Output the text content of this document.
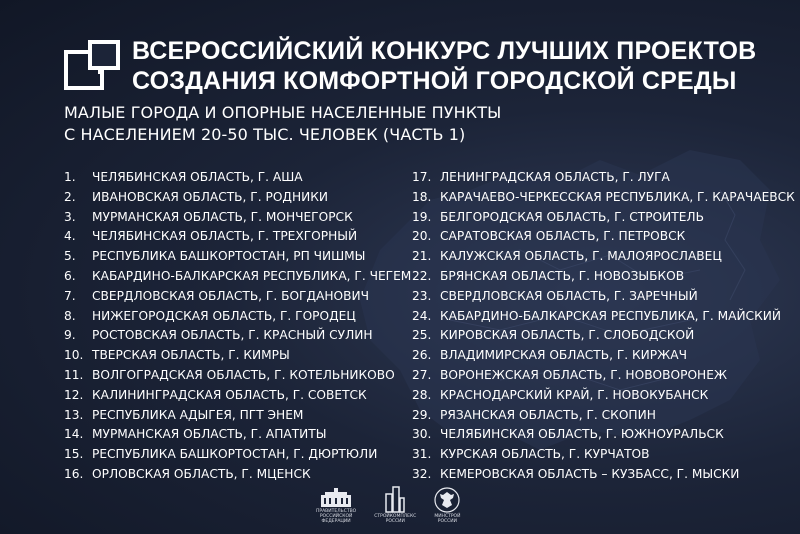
ВСЕРОССИЙСКИЙ КОНКУРС ЛУЧШИХ ПРОЕКТОВ
СОЗДАНИЯ КОМФОРТНОЙ ГОРОДСКОЙ СРЕДЫ
МАЛЫЕ ГОРОДА И ОПОРНЫЕ НАСЕЛЕННЫЕ ПУНКТЫ
С НАСЕЛЕНИЕМ 20-50 ТЫС. ЧЕЛОВЕК (ЧАСТЬ 1)
1.	ЧЕЛЯБИНСКАЯ ОБЛАСТЬ, Г. АША
2.	ИВАНОВСКАЯ ОБЛАСТЬ, Г. РОДНИКИ
3.	МУРМАНСКАЯ ОБЛАСТЬ, Г. МОНЧЕГОРСК
4.	ЧЕЛЯБИНСКАЯ ОБЛАСТЬ, Г. ТРЕХГОРНЫЙ
5.	РЕСПУБЛИКА БАШКОРТОСТАН, РП ЧИШМЫ
6.	КАБАРДИНО-БАЛКАРСКАЯ РЕСПУБЛИКА, Г. ЧЕГЕМ
7.	СВЕРДЛОВСКАЯ ОБЛАСТЬ, Г. БОГДАНОВИЧ
8.	НИЖЕГОРОДСКАЯ ОБЛАСТЬ, Г. ГОРОДЕЦ
9.	РОСТОВСКАЯ ОБЛАСТЬ, Г. КРАСНЫЙ СУЛИН
10. ТВЕРСКАЯ ОБЛАСТЬ, Г. КИМРЫ
11. ВОЛГОГРАДСКАЯ ОБЛАСТЬ, Г. КОТЕЛЬНИКОВО
12. КАЛИНИНГРАДСКАЯ ОБЛАСТЬ, Г. СОВЕТСК
13. РЕСПУБЛИКА АДЫГЕЯ, ПГТ ЭНЕМ
14. МУРМАНСКАЯ ОБЛАСТЬ, Г. АПАТИТЫ
15. РЕСПУБЛИКА БАШКОРТОСТАН, Г. ДЮРТЮЛИ
16. ОРЛОВСКАЯ ОБЛАСТЬ, Г. МЦЕНСК
17. ЛЕНИНГРАДСКАЯ ОБЛАСТЬ, Г. ЛУГА
18. КАРАЧАЕВО-ЧЕРКЕССКАЯ РЕСПУБЛИКА, Г. КАРАЧАЕВСК
19. БЕЛГОРОДСКАЯ ОБЛАСТЬ, Г. СТРОИТЕЛЬ
20. САРАТОВСКАЯ ОБЛАСТЬ, Г. ПЕТРОВСК
21. КАЛУЖСКАЯ ОБЛАСТЬ, Г. МАЛОЯРОСЛАВЕЦ
22. БРЯНСКАЯ ОБЛАСТЬ, Г. НОВОЗЫБКОВ
23. СВЕРДЛОВСКАЯ ОБЛАСТЬ, Г. ЗАРЕЧНЫЙ
24. КАБАРДИНО-БАЛКАРСКАЯ РЕСПУБЛИКА, Г. МАЙСКИЙ
25. КИРОВСКАЯ ОБЛАСТЬ, Г. СЛОБОДСКОЙ
26. ВЛАДИМИРСКАЯ ОБЛАСТЬ, Г. КИРЖАЧ
27. ВОРОНЕЖСКАЯ ОБЛАСТЬ, Г. НОВОВОРОНЕЖ
28. КРАСНОДАРСКИЙ КРАЙ, Г. НОВОКУБАНСК
29. РЯЗАНСКАЯ ОБЛАСТЬ, Г. СКОПИН
30. ЧЕЛЯБИНСКАЯ ОБЛАСТЬ, Г. ЮЖНОУРАЛЬСК
31. КУРСКАЯ ОБЛАСТЬ, Г. КУРЧАТОВ
32. КЕМЕРОВСКАЯ ОБЛАСТЬ – КУЗБАСС, Г. МЫСКИ
ПРАВИТЕЛЬСТВО
РОССИЙСКОЙ
ФЕДЕРАЦИИ
СТРОЙКОМПЛЕКС
РОССИИ
МИНСТРОЙ
РОССИИ
